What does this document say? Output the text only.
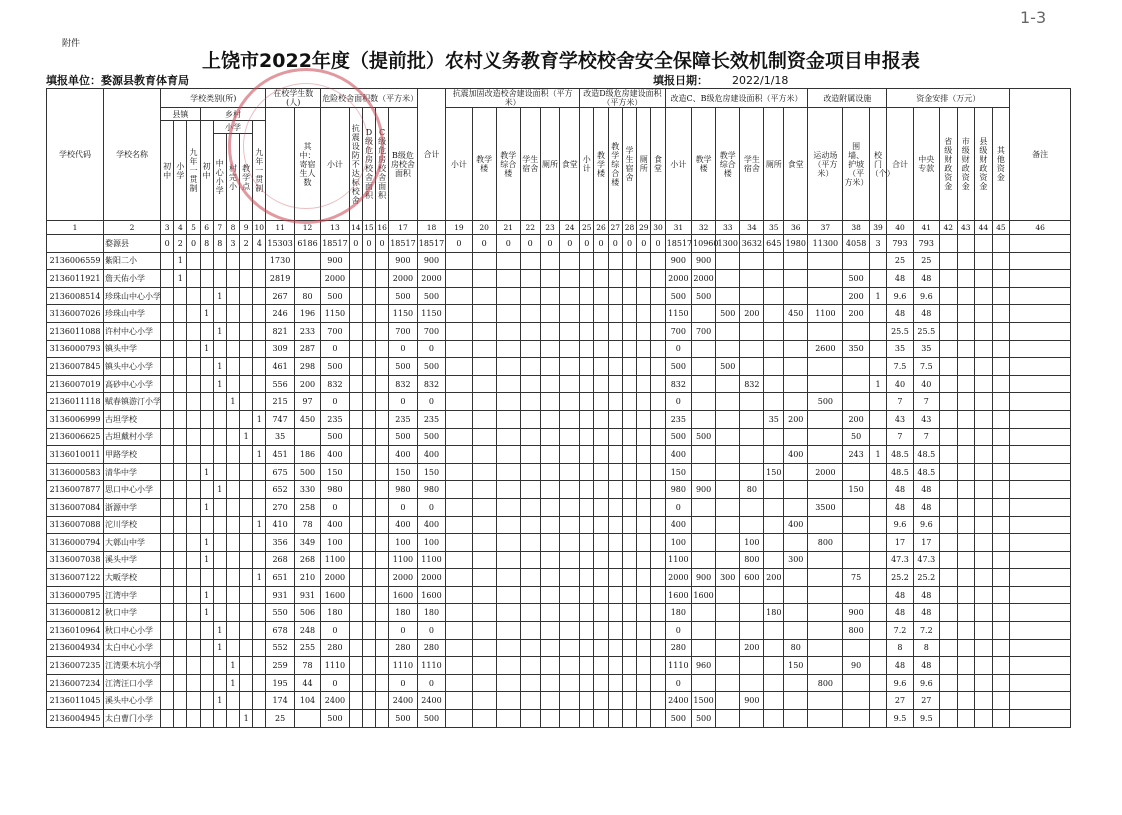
附件
1-3
上饶市2022年度（提前批）农村义务教育学校校舍安全保障长效机制资金项目申报表
填报单位：婺源县教育体育局	填报日期： 2022/1/18
学校代码	学校名称	学校类别(所)								在校学生数(人)		危险校舍面积数（平方米）					合计	抗震加固改造校舍建设面积（平方米）						改造D级危房建设面积（平方米）						改造C、B级危房建设面积（平方米）						改造附属设施			资金安排（万元）						备注
		县镇			乡村						其中：寄宿生人数	小计	抗震设防不达标校舍	D级危房校舍面积	C级危房校舍面积	B级危房校舍面积		小计	教学楼	教学综合楼	学生宿舍	厕所	食堂	小计	教学楼	教学综合楼	学生宿舍	厕所	食堂	小计	教学楼	教学综合楼	学生宿舍	厕所	食堂	运动场（平方米）	围墙、护坡（平方米）	校门（个）	合计	中央专款	省级财政资金	市级财政资金	县级财政资金	其他资金	
		初中	小学	九年一贯制	初中	小学			九年一贯制																																				
						中心小学	村完小	教学点																																					
1	2	3	4	5	6	7	8	9	10	11	12	13	14	15	16	17	18	19	20	21	22	23	24	25	26	27	28	29	30	31	32	33	34	35	36	37	38	39	40	41	42	43	44	45	46
	婺源县	0	2	0	8	8	3	2	4	15303	6186	18517	0	0	0	18517	18517	0	0	0	0	0	0	0	0	0	0	0	0	18517	10960	1300	3632	645	1980	11300	4058	3	793	793					
2136006559	紫阳二小		1							1730		900				900	900													900	900								25	25					
2136011921	詹天佑小学		1							2819		2000				2000	2000													2000	2000						500		48	48					
2136008514	珍珠山中心小学					1				267	80	500				500	500													500	500						200	1	9.6	9.6					
3136007026	珍珠山中学				1					246	196	1150				1150	1150													1150		500	200		450	1100	200		48	48					
2136011088	许村中心小学					1				821	233	700				700	700													700	700								25.5	25.5					
3136000793	镇头中学				1					309	287	0				0	0													0						2600	350		35	35					
2136007845	镇头中心小学					1				461	298	500				500	500													500		500							7.5	7.5					
2136007019	高砂中心小学					1				556	200	832				832	832													832			832					1	40	40					
2136011118	赋春镇游汀小学						1			215	97	0				0	0													0						500			7	7					
3136006999	古坦学校								1	747	450	235				235	235													235				35	200		200		43	43					
2136006625	古坦戴村小学							1		35		500				500	500													500	500						50		7	7					
3136010011	甲路学校								1	451	186	400				400	400													400					400		243	1	48.5	48.5					
3136000583	清华中学				1					675	500	150				150	150													150				150		2000			48.5	48.5					
2136007877	思口中心小学					1				652	330	980				980	980													980	900		80				150		48	48					
3136007084	浙源中学				1					270	258	0				0	0													0						3500			48	48					
3136007088	沱川学校								1	410	78	400				400	400													400					400				9.6	9.6					
3136000794	大鄣山中学				1					356	349	100				100	100													100			100			800			17	17					
3136007038	溪头中学				1					268	268	1100				1100	1100													1100			800		300				47.3	47.3					
3136007122	大畈学校								1	651	210	2000				2000	2000													2000	900	300	600	200			75		25.2	25.2					
3136000795	江湾中学				1					931	931	1600				1600	1600													1600	1600								48	48					
3136000812	秋口中学				1					550	506	180				180	180													180				180			900		48	48					
2136010964	秋口中心小学					1				678	248	0				0	0													0							800		7.2	7.2					
2136004934	太白中心小学					1				552	255	280				280	280													280			200		80				8	8					
2136007235	江湾栗木坑小学						1			259	78	1110				1110	1110													1110	960				150		90		48	48					
2136007234	江湾汪口小学						1			195	44	0				0	0													0						800			9.6	9.6					
2136011045	溪头中心小学					1				174	104	2400				2400	2400													2400	1500		900						27	27					
2136004945	太白曹门小学							1		25		500				500	500													500	500								9.5	9.5					
